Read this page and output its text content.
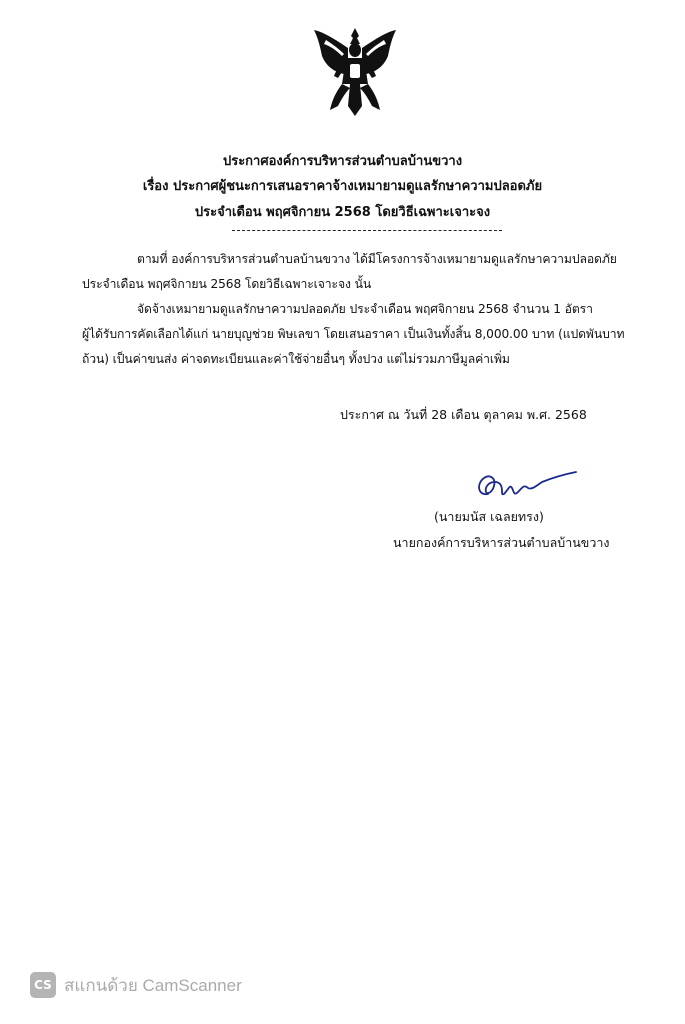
ประกาศองค์การบริหารส่วนตำบลบ้านขวาง
เรื่อง ประกาศผู้ชนะการเสนอราคาจ้างเหมายามดูแลรักษาความปลอดภัย
ประจำเดือน พฤศจิกายน 2568 โดยวิธีเฉพาะเจาะจง
ตามที่ องค์การบริหารส่วนตำบลบ้านขวาง ได้มีโครงการจ้างเหมายามดูแลรักษาความปลอดภัย
ประจำเดือน พฤศจิกายน 2568 โดยวิธีเฉพาะเจาะจง นั้น
จัดจ้างเหมายามดูแลรักษาความปลอดภัย ประจำเดือน พฤศจิกายน 2568 จำนวน 1 อัตรา
ผู้ได้รับการคัดเลือกได้แก่ นายบุญช่วย พิษเลขา โดยเสนอราคา เป็นเงินทั้งสิ้น 8,000.00 บาท (แปดพันบาท
ถ้วน) เป็นค่าขนส่ง ค่าจดทะเบียนและค่าใช้จ่ายอื่นๆ ทั้งปวง แต่ไม่รวมภาษีมูลค่าเพิ่ม
ประกาศ ณ วันที่ 28 เดือน ตุลาคม พ.ศ. 2568
(นายมนัส เฉลยทรง)
นายกองค์การบริหารส่วนตำบลบ้านขวาง
CS สแกนด้วย CamScanner
